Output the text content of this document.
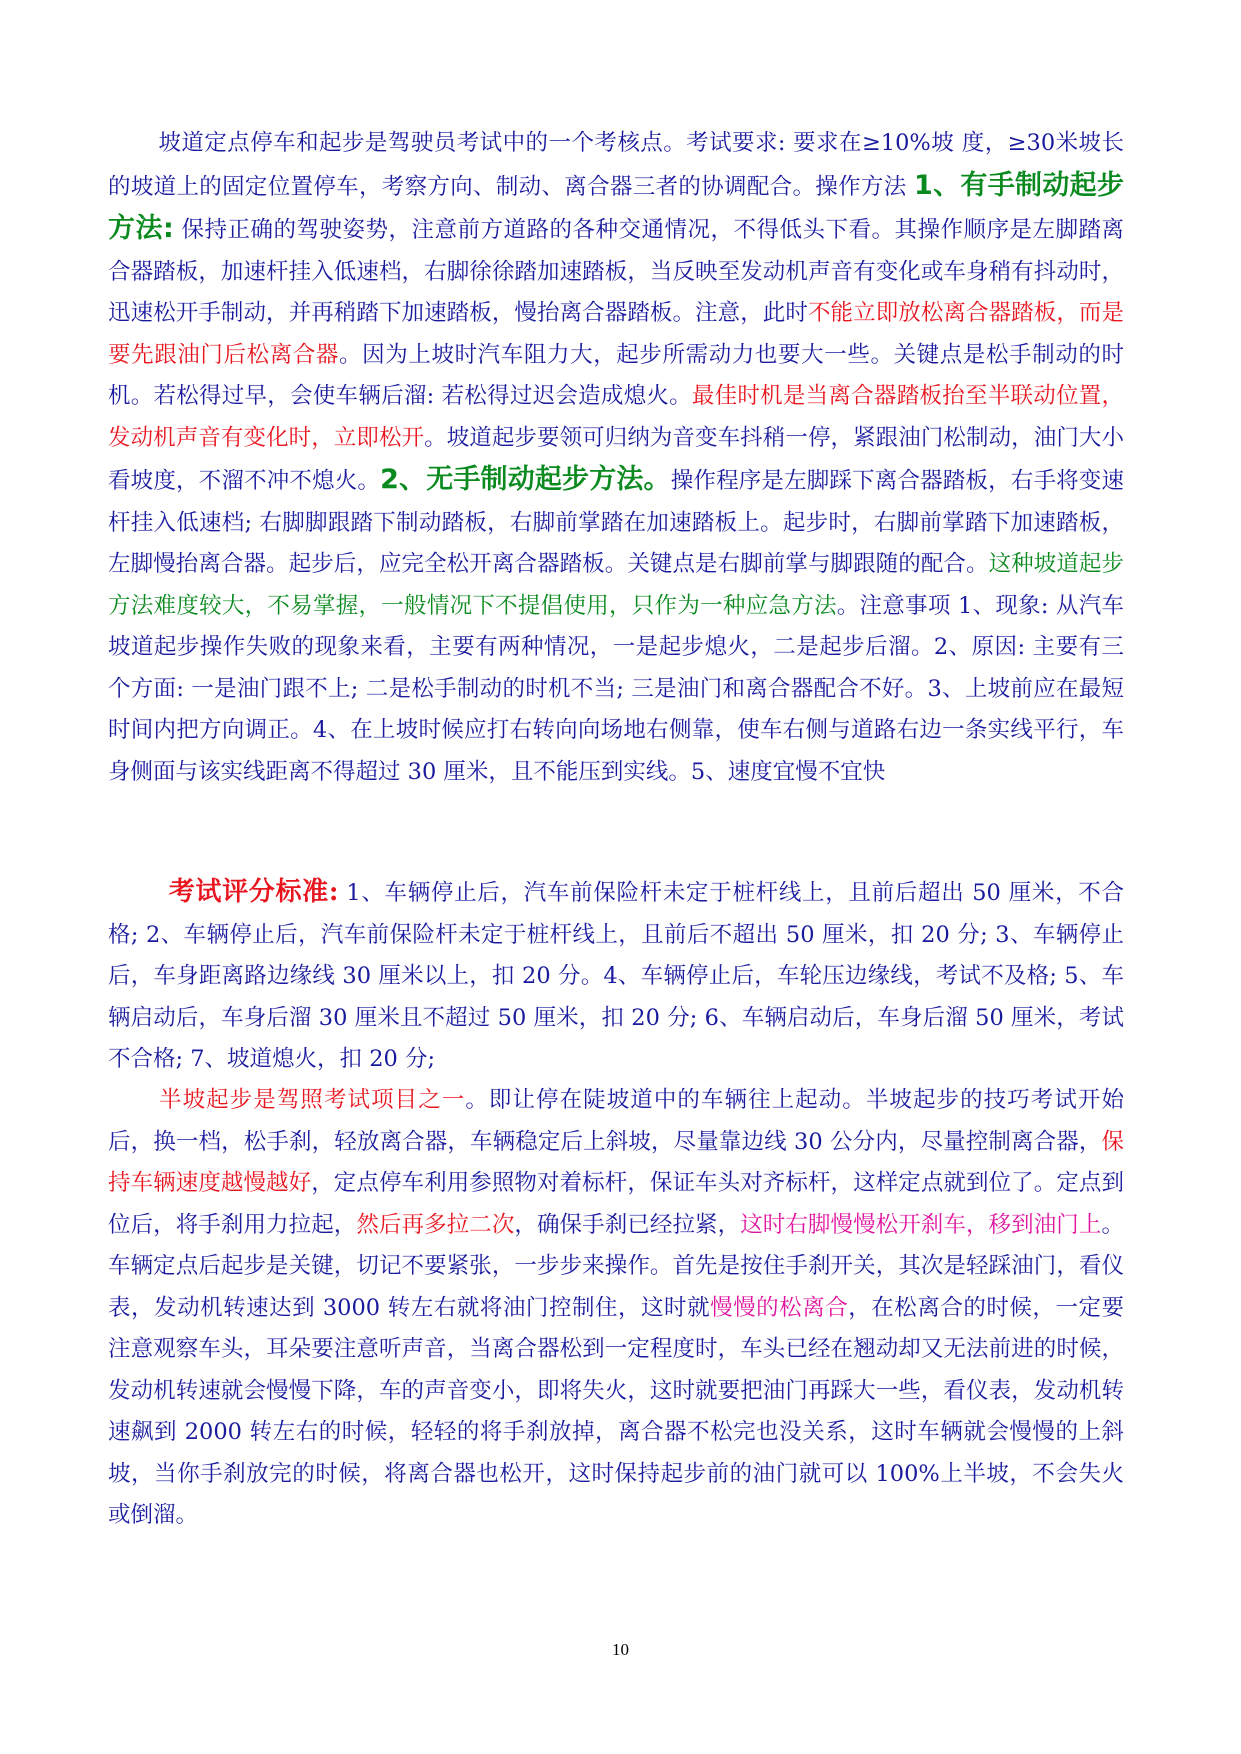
坡道定点停车和起步是驾驶员考试中的一个考核点。考试要求: 要求在≥10%坡 度，≥30米坡长的坡道上的固定位置停车，考察方向、制动、离合器三者的协调配合。操作方法 1、有手制动起步方法: 保持正确的驾驶姿势，注意前方道路的各种交通情况，不得低头下看。其操作顺序是左脚踏离合器踏板，加速杆挂入低速档，右脚徐徐踏加速踏板，当反映至发动机声音有变化或车身稍有抖动时，迅速松开手制动，并再稍踏下加速踏板，慢抬离合器踏板。注意，此时不能立即放松离合器踏板，而是要先跟油门后松离合器。因为上坡时汽车阻力大，起步所需动力也要大一些。关键点是松手制动的时机。若松得过早，会使车辆后溜: 若松得过迟会造成熄火。最佳时机是当离合器踏板抬至半联动位置，发动机声音有变化时，立即松开。坡道起步要领可归纳为音变车抖稍一停，紧跟油门松制动，油门大小看坡度，不溜不冲不熄火。2、无手制动起步方法。操作程序是左脚踩下离合器踏板，右手将变速杆挂入低速档; 右脚脚跟踏下制动踏板，右脚前掌踏在加速踏板上。起步时，右脚前掌踏下加速踏板，左脚慢抬离合器。起步后，应完全松开离合器踏板。关键点是右脚前掌与脚跟随的配合。这种坡道起步方法难度较大，不易掌握，一般情况下不提倡使用，只作为一种应急方法。注意事项 1、现象: 从汽车坡道起步操作失败的现象来看，主要有两种情况，一是起步熄火，二是起步后溜。2、原因: 主要有三个方面: 一是油门跟不上; 二是松手制动的时机不当; 三是油门和离合器配合不好。3、上坡前应在最短时间内把方向调正。4、在上坡时候应打右转向向场地右侧靠，使车右侧与道路右边一条实线平行，车身侧面与该实线距离不得超过 30 厘米，且不能压到实线。5、速度宜慢不宜快
考试评分标准: 1、车辆停止后，汽车前保险杆未定于桩杆线上，且前后超出 50 厘米，不合格; 2、车辆停止后，汽车前保险杆未定于桩杆线上，且前后不超出 50 厘米，扣 20 分; 3、车辆停止后，车身距离路边缘线 30 厘米以上，扣 20 分。4、车辆停止后，车轮压边缘线，考试不及格; 5、车辆启动后，车身后溜 30 厘米且不超过 50 厘米，扣 20 分; 6、车辆启动后，车身后溜 50 厘米，考试不合格; 7、坡道熄火，扣 20 分;
半坡起步是驾照考试项目之一。即让停在陡坡道中的车辆往上起动。半坡起步的技巧考试开始后，换一档，松手刹，轻放离合器，车辆稳定后上斜坡，尽量靠边线 30 公分内，尽量控制离合器，保持车辆速度越慢越好，定点停车利用参照物对着标杆，保证车头对齐标杆，这样定点就到位了。定点到位后，将手刹用力拉起，然后再多拉二次，确保手刹已经拉紧，这时右脚慢慢松开刹车，移到油门上。车辆定点后起步是关键，切记不要紧张，一步步来操作。首先是按住手刹开关，其次是轻踩油门，看仪表，发动机转速达到 3000 转左右就将油门控制住，这时就慢慢的松离合，在松离合的时候，一定要注意观察车头，耳朵要注意听声音，当离合器松到一定程度时，车头已经在翘动却又无法前进的时候，发动机转速就会慢慢下降，车的声音变小，即将失火，这时就要把油门再踩大一些，看仪表，发动机转速飙到 2000 转左右的时候，轻轻的将手刹放掉，离合器不松完也没关系，这时车辆就会慢慢的上斜坡，当你手刹放完的时候，将离合器也松开，这时保持起步前的油门就可以 100%上半坡，不会失火或倒溜。
10
